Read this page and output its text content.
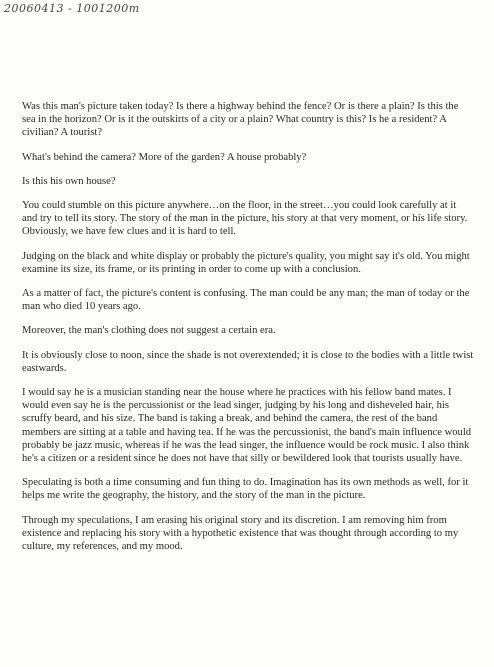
20060413 - 1001200m

Was this man's picture taken today? Is there a highway behind the fence? Or is there a plain? Is this the sea in the horizon? Or is it the outskirts of a city or a plain? What country is this? Is he a resident? A civilian? A tourist?

What's behind the camera? More of the garden? A house probably?

Is this his own house?

You could stumble on this picture anywhere…on the floor, in the street…you could look carefully at it and try to tell its story. The story of the man in the picture, his story at that very moment, or his life story. Obviously, we have few clues and it is hard to tell.

Judging on the black and white display or probably the picture's quality, you might say it's old. You might examine its size, its frame, or its printing in order to come up with a conclusion.

As a matter of fact, the picture's content is confusing. The man could be any man; the man of today or the man who died 10 years ago.

Moreover, the man's clothing does not suggest a certain era.

It is obviously close to noon, since the shade is not overextended; it is close to the bodies with a little twist eastwards.

I would say he is a musician standing near the house where he practices with his fellow band mates. I would even say he is the percussionist or the lead singer, judging by his long and disheveled hair, his scruffy beard, and his size. The band is taking a break, and behind the camera, the rest of the band members are sitting at a table and having tea. If he was the percussionist, the band's main influence would probably be jazz music, whereas if he was the lead singer, the influence would be rock music. I also think he's a citizen or a resident since he does not have that silly or bewildered look that tourists usually have.

Speculating is both a time consuming and fun thing to do. Imagination has its own methods as well, for it helps me write the geography, the history, and the story of the man in the picture.

Through my speculations, I am erasing his original story and its discretion. I am removing him from existence and replacing his story with a hypothetic existence that was thought through according to my culture, my references, and my mood.
